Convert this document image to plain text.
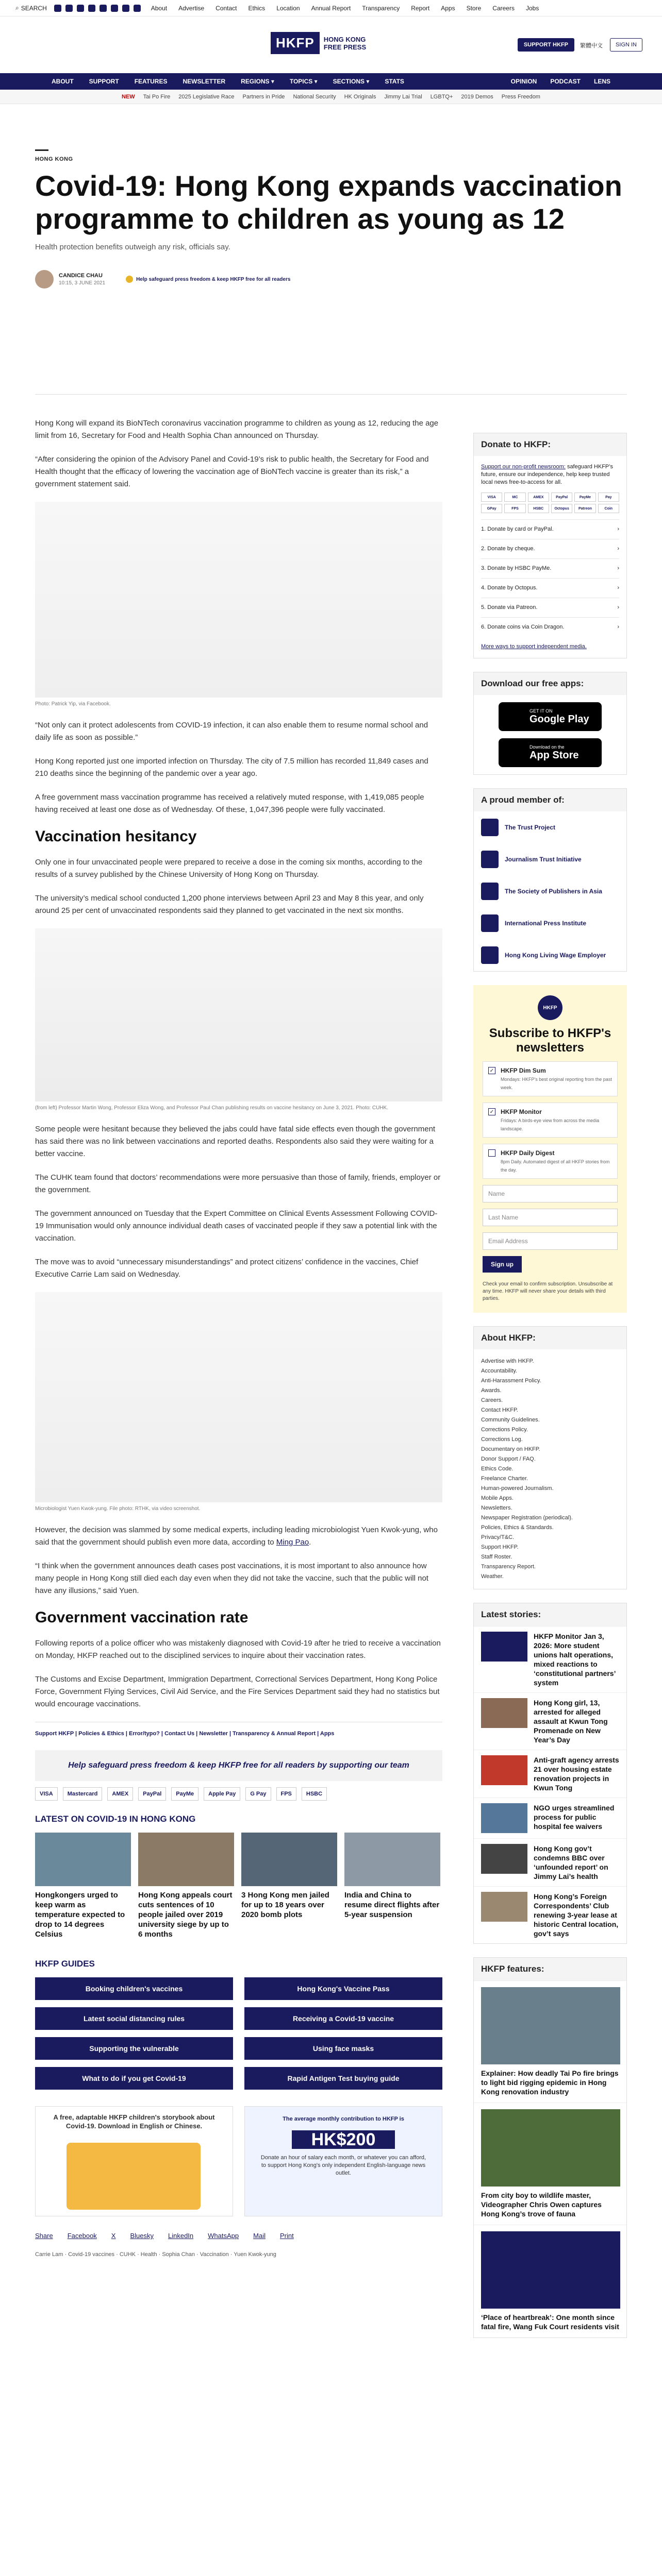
⌕ SEARCH	About Advertise Contact Ethics Location Annual Report Transparency Report Apps Store Careers Jobs
HKFP	HONG KONG
FREE PRESS	SUPPORT HKFP	繁體中文	SIGN IN
ABOUT	SUPPORT	FEATURES	NEWSLETTER	REGIONS ▾	TOPICS ▾	SECTIONS ▾	STATS	OPINION PODCAST LENS
NEW Tai Po Fire 2025 Legislative Race Partners in Pride National Security HK Originals Jimmy Lai Trial LGBTQ+ 2019 Demos Press Freedom
HONG KONG
Covid-19: Hong Kong expands vaccination programme to children as young as 12
Health protection benefits outweigh any risk, officials say.
CANDICE CHAU
10:15, 3 JUNE 2021
Help safeguard press freedom & keep HKFP free for all readers

Hong Kong will expand its BioNTech coronavirus vaccination programme to children as young as 12, reducing the age limit from 16, Secretary for Food and Health Sophia Chan announced on Thursday.

“After considering the opinion of the Advisory Panel and Covid-19’s risk to public health, the Secretary for Food and Health thought that the efficacy of lowering the vaccination age of BioNTech vaccine is greater than its risk,” a government statement said.

Photo: Patrick Yip, via Facebook.

“Not only can it protect adolescents from COVID-19 infection, it can also enable them to resume normal school and daily life as soon as possible.”

Hong Kong reported just one imported infection on Thursday. The city of 7.5 million has recorded 11,849 cases and 210 deaths since the beginning of the pandemic over a year ago.

A free government mass vaccination programme has received a relatively muted response, with 1,419,085 people having received at least one dose as of Wednesday. Of these, 1,047,396 people were fully vaccinated.

Vaccination hesitancy

Only one in four unvaccinated people were prepared to receive a dose in the coming six months, according to the results of a survey published by the Chinese University of Hong Kong on Thursday.

The university’s medical school conducted 1,200 phone interviews between April 23 and May 8 this year, and only around 25 per cent of unvaccinated respondents said they planned to get vaccinated in the next six months.

(from left) Professor Martin Wong, Professor Eliza Wong, and Professor Paul Chan publishing results on vaccine hesitancy on June 3, 2021. Photo: CUHK.

Some people were hesitant because they believed the jabs could have fatal side effects even though the government has said there was no link between vaccinations and reported deaths. Respondents also said they were waiting for a better vaccine.

The CUHK team found that doctors’ recommendations were more persuasive than those of family, friends, employer or the government.

The government announced on Tuesday that the Expert Committee on Clinical Events Assessment Following COVID-19 Immunisation would only announce individual death cases of vaccinated people if they saw a potential link with the vaccination.

The move was to avoid “unnecessary misunderstandings” and protect citizens’ confidence in the vaccines, Chief Executive Carrie Lam said on Wednesday.

Microbiologist Yuen Kwok-yung. File photo: RTHK, via video screenshot.

However, the decision was slammed by some medical experts, including leading microbiologist Yuen Kwok-yung, who said that the government should publish even more data, according to Ming Pao.

“I think when the government announces death cases post vaccinations, it is most important to also announce how many people in Hong Kong still died each day even when they did not take the vaccine, such that the public will not have any illusions,” said Yuen.

Government vaccination rate

Following reports of a police officer who was mistakenly diagnosed with Covid-19 after he tried to receive a vaccination on Monday, HKFP reached out to the disciplined services to inquire about their vaccination rates.

The Customs and Excise Department, Immigration Department, Correctional Services Department, Hong Kong Police Force, Government Flying Services, Civil Aid Service, and the Fire Services Department said they had no statistics but would encourage vaccinations.

Support HKFP | Policies & Ethics | Error/typo? | Contact Us | Newsletter | Transparency & Annual Report | Apps
Help safeguard press freedom & keep HKFP free for all readers by supporting our team
VISA	Mastercard	AMEX	PayPal	PayMe	Apple Pay	G Pay	FPS	HSBC
LATEST ON COVID-19 IN HONG KONG
Hongkongers urged to keep warm as temperature expected to drop to 14 degrees Celsius
Hong Kong appeals court cuts sentences of 10 people jailed over 2019 university siege by up to 6 months
3 Hong Kong men jailed for up to 18 years over 2020 bomb plots
India and China to resume direct flights after 5-year suspension
HKFP GUIDES
Booking children's vaccines	Hong Kong's Vaccine Pass
Latest social distancing rules	Receiving a Covid-19 vaccine
Supporting the vulnerable	Using face masks
What to do if you get Covid-19	Rapid Antigen Test buying guide
A free, adaptable HKFP children's storybook about Covid-19. Download in English or Chinese.
The average monthly contribution to HKFP is
HK$200
Donate an hour of salary each month, or whatever you can afford, to support Hong Kong's only independent English-language news outlet.
Share Facebook X Bluesky LinkedIn WhatsApp Mail Print
Carrie Lam · Covid-19 vaccines · CUHK · Health · Sophia Chan · Vaccination · Yuen Kwok-yung
Donate to HKFP:
Support our non-profit newsroom: safeguard HKFP’s future, ensure our independence, help keep trusted local news free-to-access for all.
VISA	MC	AMEX	PayPal	PayMe	Pay
GPay	FPS	HSBC	Octopus	Patreon	Coin
1. Donate by card or PayPal.	›
2. Donate by cheque.	›
3. Donate by HSBC PayMe.	›
4. Donate by Octopus.	›
5. Donate via Patreon.	›
6. Donate coins via Coin Dragon.	›
More ways to support independent media.
Download our free apps:
GET IT ON
Google Play
Download on the
App Store
A proud member of:
The Trust Project
Journalism Trust Initiative
The Society of Publishers in Asia
International Press Institute
Hong Kong Living Wage Employer
HKFP
Subscribe to HKFP's newsletters
✓ HKFP Dim Sum
Mondays: HKFP's best original reporting from the past week.
✓ HKFP Monitor
Fridays: A birds-eye view from across the media landscape.
HKFP Daily Digest
8pm Daily. Automated digest of all HKFP stories from the day.
Name
Last Name
Email Address
Sign up
Check your email to confirm subscription. Unsubscribe at any time. HKFP will never share your details with third parties.
About HKFP:
Advertise with HKFP.
Accountability.
Anti-Harassment Policy.
Awards.
Careers.
Contact HKFP.
Community Guidelines.
Corrections Policy.
Corrections Log.
Documentary on HKFP.
Donor Support / FAQ.
Ethics Code.
Freelance Charter.
Human-powered Journalism.
Mobile Apps.
Newsletters.
Newspaper Registration (periodical).
Policies, Ethics & Standards.
Privacy/T&C.
Support HKFP.
Staff Roster.
Transparency Report.
Weather.
Latest stories:
HKFP Monitor Jan 3, 2026: More student unions halt operations, mixed reactions to ‘constitutional partners’ system
Hong Kong girl, 13, arrested for alleged assault at Kwun Tong Promenade on New Year’s Day
Anti-graft agency arrests 21 over housing estate renovation projects in Kwun Tong
NGO urges streamlined process for public hospital fee waivers
Hong Kong gov’t condemns BBC over ‘unfounded report’ on Jimmy Lai’s health
Hong Kong’s Foreign Correspondents’ Club renewing 3-year lease at historic Central location, gov’t says
HKFP features:
Explainer: How deadly Tai Po fire brings to light bid rigging epidemic in Hong Kong renovation industry
From city boy to wildlife master, Videographer Chris Owen captures Hong Kong’s trove of fauna
‘Place of heartbreak’: One month since fatal fire, Wang Fuk Court residents visit
